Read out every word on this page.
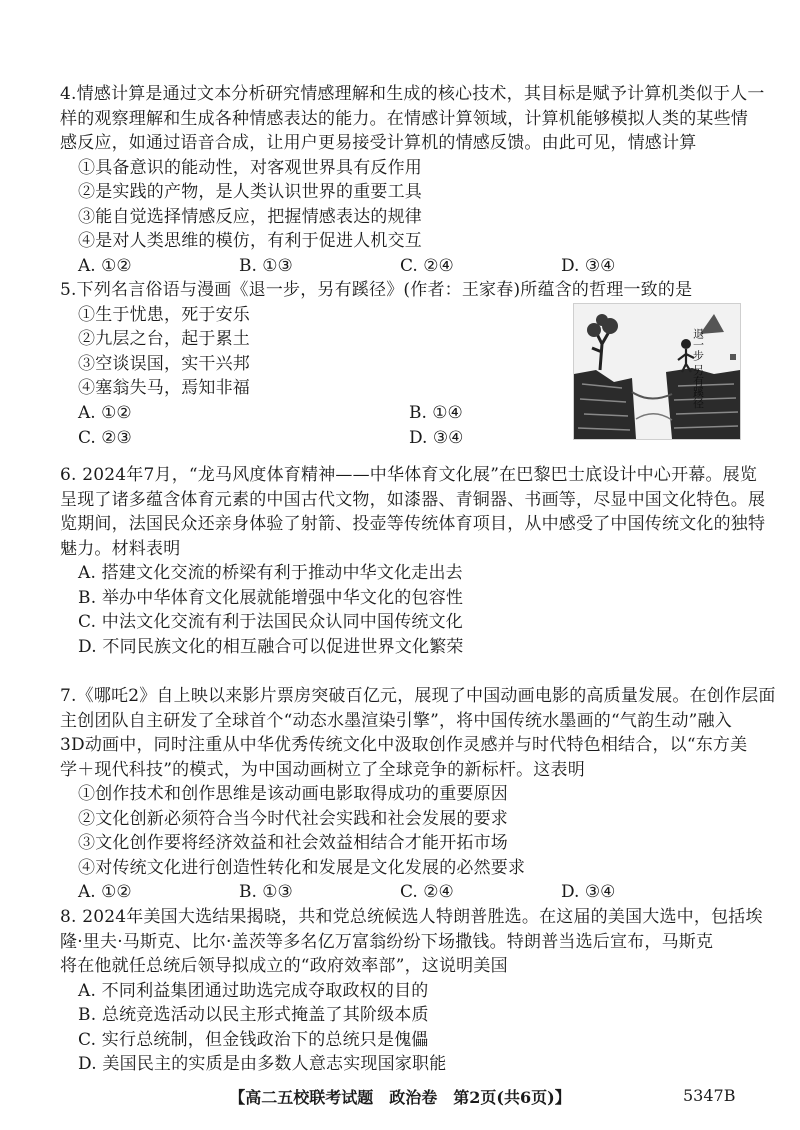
4.情感计算是通过文本分析研究情感理解和生成的核心技术，其目标是赋予计算机类似于人一
样的观察理解和生成各种情感表达的能力。在情感计算领域，计算机能够模拟人类的某些情
感反应，如通过语音合成，让用户更易接受计算机的情感反馈。由此可见，情感计算
①具备意识的能动性，对客观世界具有反作用
②是实践的产物，是人类认识世界的重要工具
③能自觉选择情感反应，把握情感表达的规律
④是对人类思维的模仿，有利于促进人机交互
A. ①②	B. ①③	C. ②④	D. ③④
5.下列名言俗语与漫画《退一步，另有蹊径》(作者：王家春)所蕴含的哲理一致的是
①生于忧患，死于安乐
②九层之台，起于累土
③空谈误国，实干兴邦
④塞翁失马，焉知非福
A. ①②	B. ①④
C. ②③	D. ③④
退一步 另有蹊径
6. 2024年7月，“龙马风度体育精神——中华体育文化展”在巴黎巴士底设计中心开幕。展览
呈现了诸多蕴含体育元素的中国古代文物，如漆器、青铜器、书画等，尽显中国文化特色。展
览期间，法国民众还亲身体验了射箭、投壶等传统体育项目，从中感受了中国传统文化的独特
魅力。材料表明
A. 搭建文化交流的桥梁有利于推动中华文化走出去
B. 举办中华体育文化展就能增强中华文化的包容性
C. 中法文化交流有利于法国民众认同中国传统文化
D. 不同民族文化的相互融合可以促进世界文化繁荣
7.《哪吒2》自上映以来影片票房突破百亿元，展现了中国动画电影的高质量发展。在创作层面
主创团队自主研发了全球首个“动态水墨渲染引擎”，将中国传统水墨画的“气韵生动”融入
3D动画中，同时注重从中华优秀传统文化中汲取创作灵感并与时代特色相结合，以“东方美
学＋现代科技”的模式，为中国动画树立了全球竞争的新标杆。这表明
①创作技术和创作思维是该动画电影取得成功的重要原因
②文化创新必须符合当今时代社会实践和社会发展的要求
③文化创作要将经济效益和社会效益相结合才能开拓市场
④对传统文化进行创造性转化和发展是文化发展的必然要求
A. ①②	B. ①③	C. ②④	D. ③④
8. 2024年美国大选结果揭晓，共和党总统候选人特朗普胜选。在这届的美国大选中，包括埃
隆·里夫·马斯克、比尔·盖茨等多名亿万富翁纷纷下场撒钱。特朗普当选后宣布，马斯克
将在他就任总统后领导拟成立的“政府效率部”，这说明美国
A. 不同利益集团通过助选完成夺取政权的目的
B. 总统竞选活动以民主形式掩盖了其阶级本质
C. 实行总统制，但金钱政治下的总统只是傀儡
D. 美国民主的实质是由多数人意志实现国家职能
【高二五校联考试题　政治卷　第2页(共6页)】	5347B
